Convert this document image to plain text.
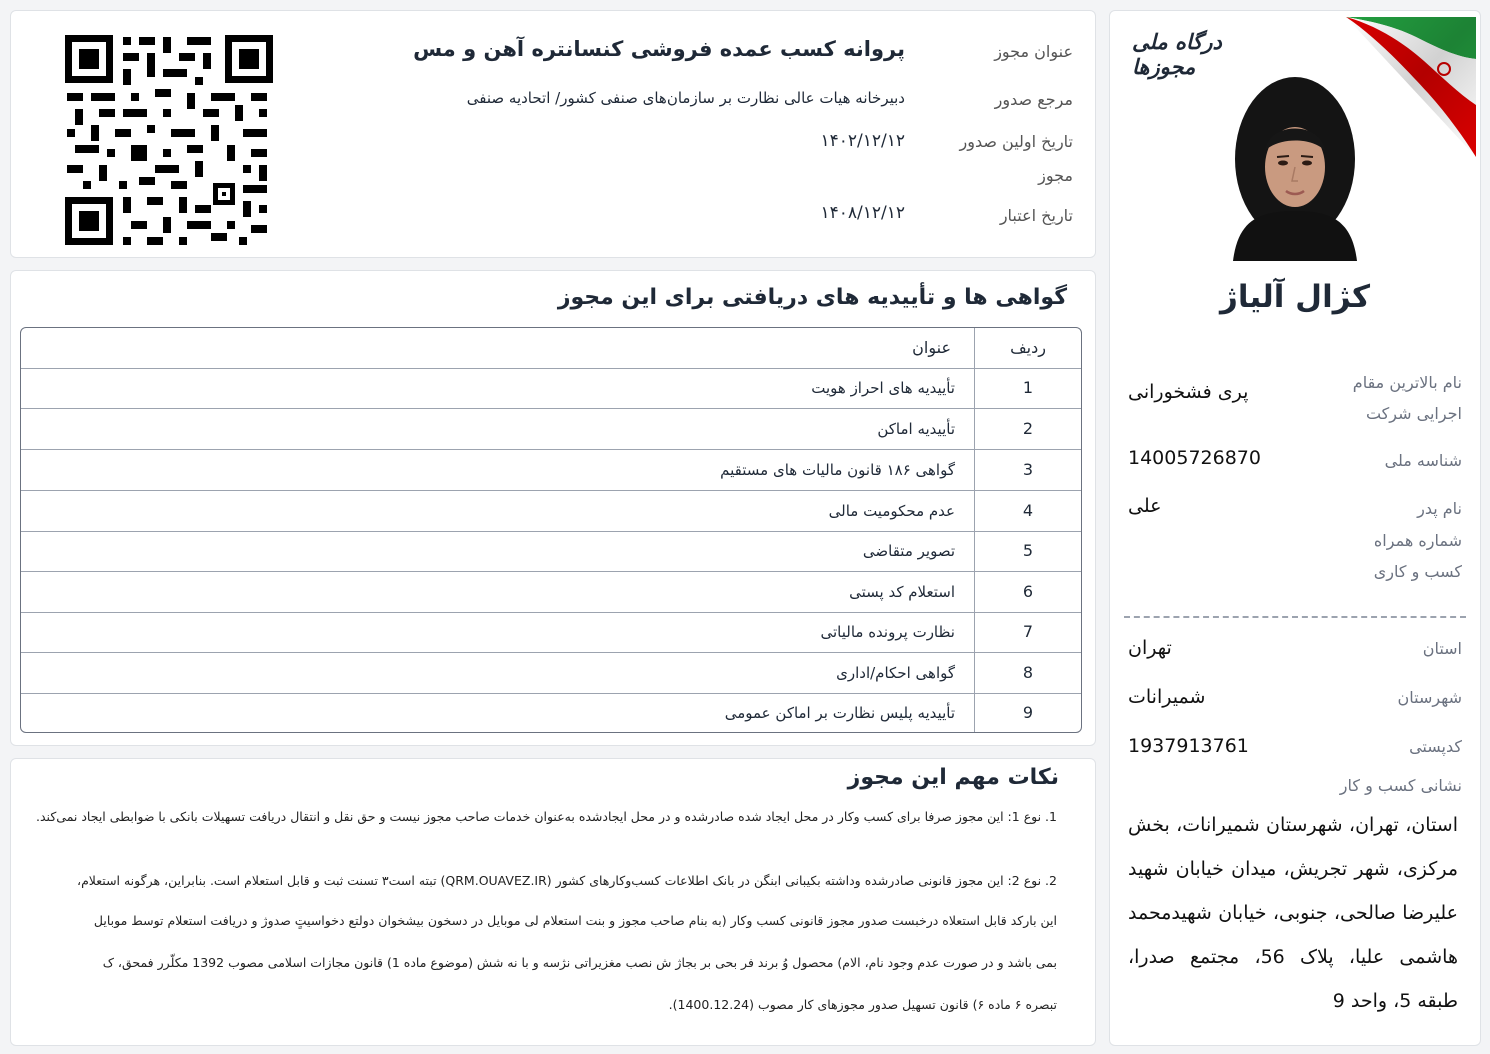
درگاه ملی مجوزها
کژال آلیاژ
نام بالاترین مقام اجرایی شرکت
پری فشخورانی
شناسه ملی
14005726870
نام پدر
علی
شماره همراه کسب و کاری
استان
تهران
شهرستان
شمیرانات
کدپستی
1937913761
نشانی کسب و کار
استان، تهران، شهرستان شمیرانات، بخش مرکزی، شهر تجریش، میدان خیابان شهید علیرضا صالحی، جنوبی، خیابان شهیدمحمد هاشمی علیا، پلاک 56، مجتمع صدرا، طبقه 5، واحد 9
عنوان مجوز
پروانه کسب عمده فروشی کنسانتره آهن و مس
مرجع صدور
دبیرخانه هیات عالی نظارت بر سازمان‌های صنفی کشور/ اتحادیه صنفی
تاریخ اولین صدور مجوز
۱۴۰۲/۱۲/۱۲
تاریخ اعتبار
۱۴۰۸/۱۲/۱۲
گواهی ها و تأییدیه های دریافتی برای این مجوز
ردیف
عنوان
1
تأییدیه های احراز هویت
2
تأییدیه اماکن
3
گواهی ۱۸۶ قانون مالیات های مستقیم
4
عدم محکومیت مالی
5
تصویر متقاضی
6
استعلام کد پستی
7
نظارت پرونده مالیاتی
8
گواهی احکام/اداری
9
تأییدیه پلیس نظارت بر اماکن عمومی
نکات مهم این مجوز
1. نوع 1: این مجوز صرفا برای کسب وکار در محل ایجاد شده صادرشده و در محل ایجادشده به‌عنوان خدمات صاحب مجوز نیست و حق نقل و انتقال دریافت تسهیلات بانکی با ضوابطی ایجاد نمی‌کند.
2. نوع 2: این مجوز قانونی صادرشده وداشته بکیبانی ابنگن در بانک اطلاعات کسب‌وکارهای کشور (QRM.OUAVEZ.IR) تبته است۳ تسنت ثبت و قابل استعلام است. بنابراین، هرگونه استعلام،
این بارکد قابل استعلاه درخبست صدور مجوز قانونی کسب وکار (به بنام صاحب مجوز و بنت استعلام لی موبایل در دسخون بیشخوان دولتع دخواسیتٍ صدوژ و دریافت استعلام توسط موبایل
بمی باشد و در صورت عدم وجود نام، الام) محصول وُ برند فر بحی بر بجاژ ش نصب مغزیراتی نژسه و با نه شش (موضوع ماده 1) قانون مجازات اسلامی مصوب 1392 مکلّرر فمحق، ک
تبصره ۶ ماده ۶) قانون تسهیل صدور مجوزهای کار مصوب (1400.12.24).
